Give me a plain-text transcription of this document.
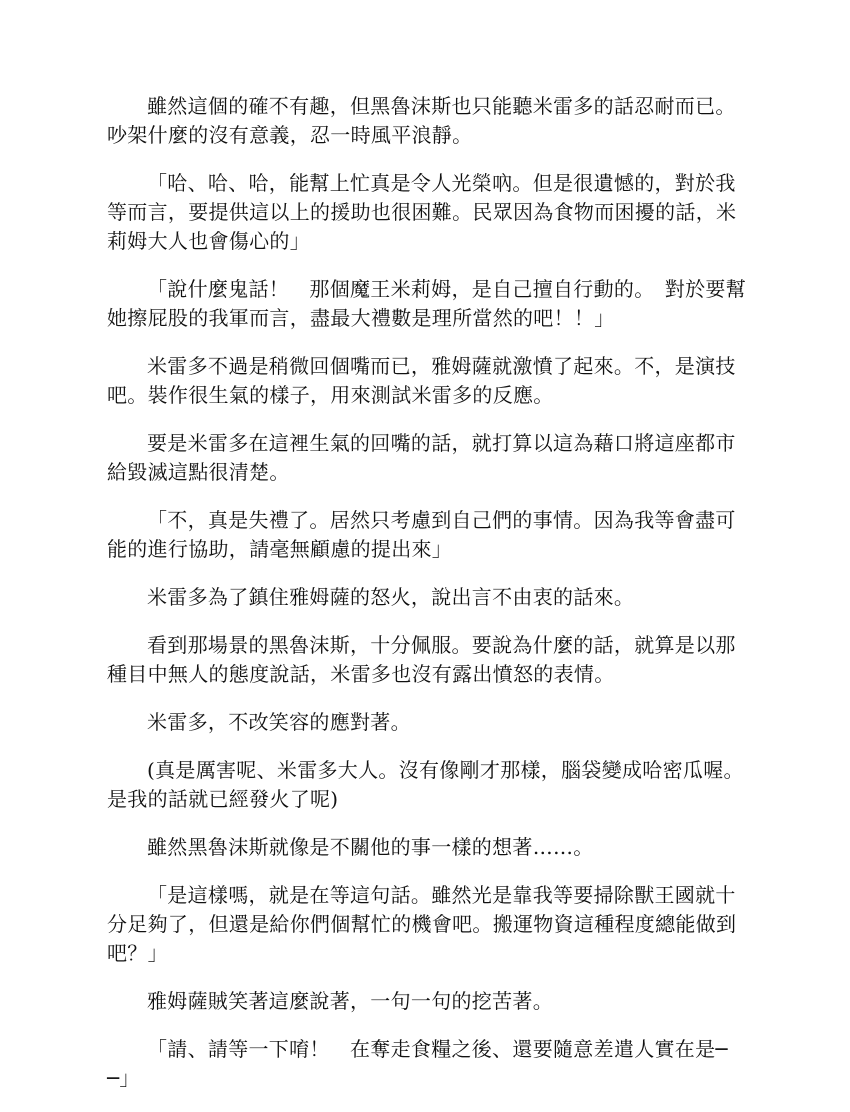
雖然這個的確不有趣，但黑魯沫斯也只能聽米雷多的話忍耐而已。吵架什麼的沒有意義，忍一時風平浪靜。

「哈、哈、哈，能幫上忙真是令人光榮吶。但是很遺憾的，對於我等而言，要提供這以上的援助也很困難。民眾因為食物而困擾的話，米莉姆大人也會傷心的」

「說什麼鬼話！　那個魔王米莉姆，是自己擅自行動的。　對於要幫她擦屁股的我軍而言，盡最大禮數是理所當然的吧！！」

米雷多不過是稍微回個嘴而已，雅姆薩就激憤了起來。不，是演技吧。裝作很生氣的樣子，用來測試米雷多的反應。

要是米雷多在這裡生氣的回嘴的話，就打算以這為藉口將這座都市給毀滅這點很清楚。

「不，真是失禮了。居然只考慮到自己們的事情。因為我等會盡可能的進行協助，請毫無顧慮的提出來」

米雷多為了鎮住雅姆薩的怒火，說出言不由衷的話來。

看到那場景的黑魯沫斯，十分佩服。要說為什麼的話，就算是以那種目中無人的態度說話，米雷多也沒有露出憤怒的表情。

米雷多，不改笑容的應對著。

(真是厲害呢、米雷多大人。沒有像剛才那樣，腦袋變成哈密瓜喔。是我的話就已經發火了呢)

雖然黑魯沫斯就像是不關他的事一樣的想著……。

「是這樣嗎，就是在等這句話。雖然光是靠我等要掃除獸王國就十分足夠了，但還是給你們個幫忙的機會吧。搬運物資這種程度總能做到吧？」

雅姆薩賊笑著這麼說著，一句一句的挖苦著。

「請、請等一下唷！　在奪走食糧之後、還要隨意差遣人實在是──」
